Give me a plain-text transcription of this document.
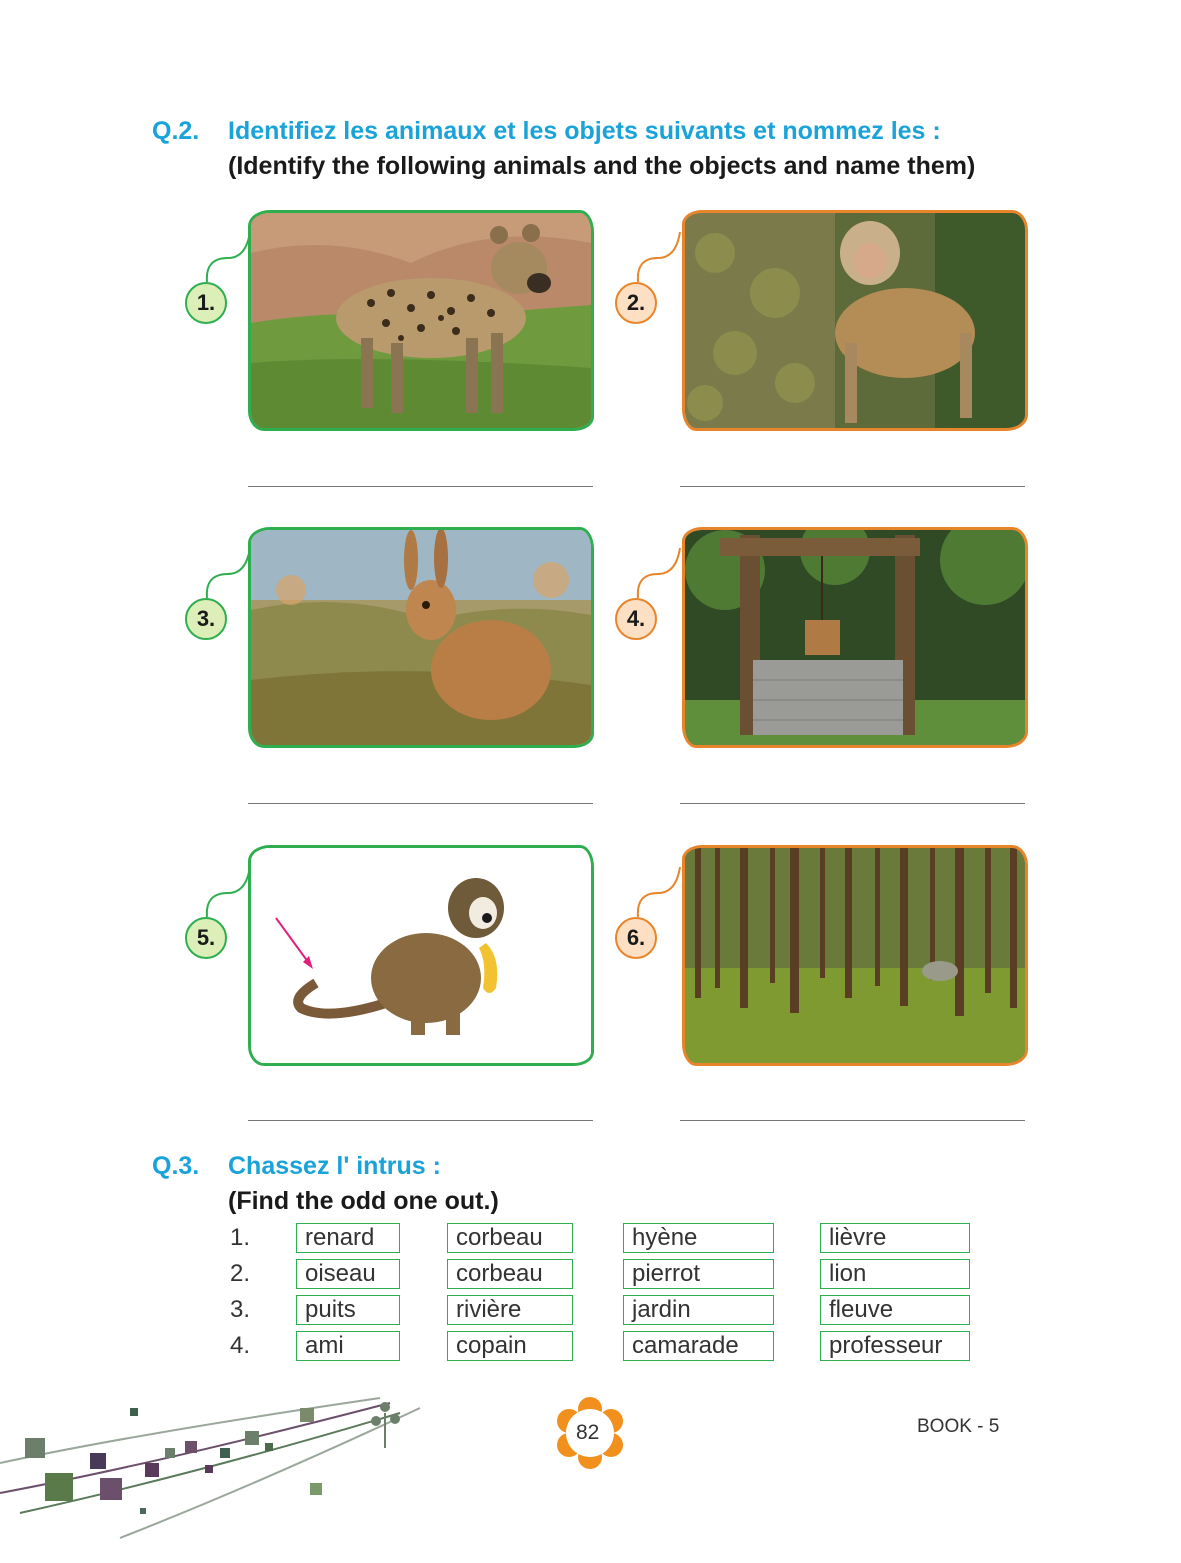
Q.2. Identifiez les animaux et les objets suivants et nommez les :
(Identify the following animals and the objects and name them)
1.	2.
3.	4.
5.	6.
Q.3. Chassez l' intrus :
(Find the odd one out.)
1.	renard	corbeau	hyène	lièvre
2.	oiseau	corbeau	pierrot	lion
3.	puits	rivière	jardin	fleuve
4.	ami	copain	camarade	professeur
82	BOOK - 5
